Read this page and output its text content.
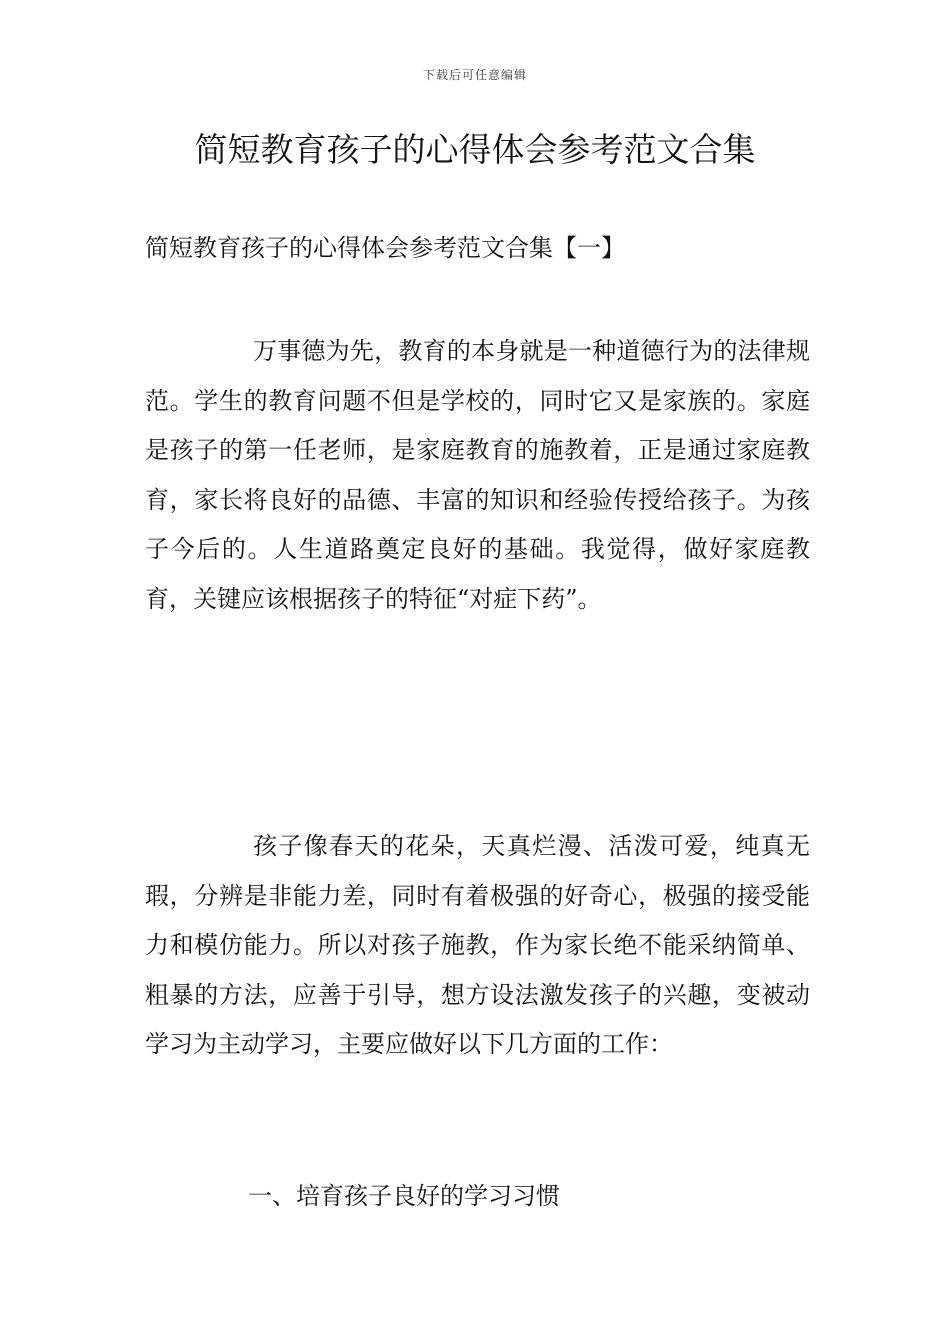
下载后可任意编辑
简短教育孩子的心得体会参考范文合集
简短教育孩子的心得体会参考范文合集【一】

万事德为先，教育的本身就是一种道德行为的法律规范。学生的教育问题不但是学校的，同时它又是家族的。家庭是孩子的第一任老师，是家庭教育的施教着，正是通过家庭教育，家长将良好的品德、丰富的知识和经验传授给孩子。为孩子今后的。人生道路奠定良好的基础。我觉得，做好家庭教育，关键应该根据孩子的特征“对症下药”。

孩子像春天的花朵，天真烂漫、活泼可爱，纯真无瑕，分辨是非能力差，同时有着极强的好奇心，极强的接受能力和模仿能力。所以对孩子施教，作为家长绝不能采纳简单、粗暴的方法，应善于引导，想方设法激发孩子的兴趣，变被动学习为主动学习，主要应做好以下几方面的工作：

一、培育孩子良好的学习习惯
